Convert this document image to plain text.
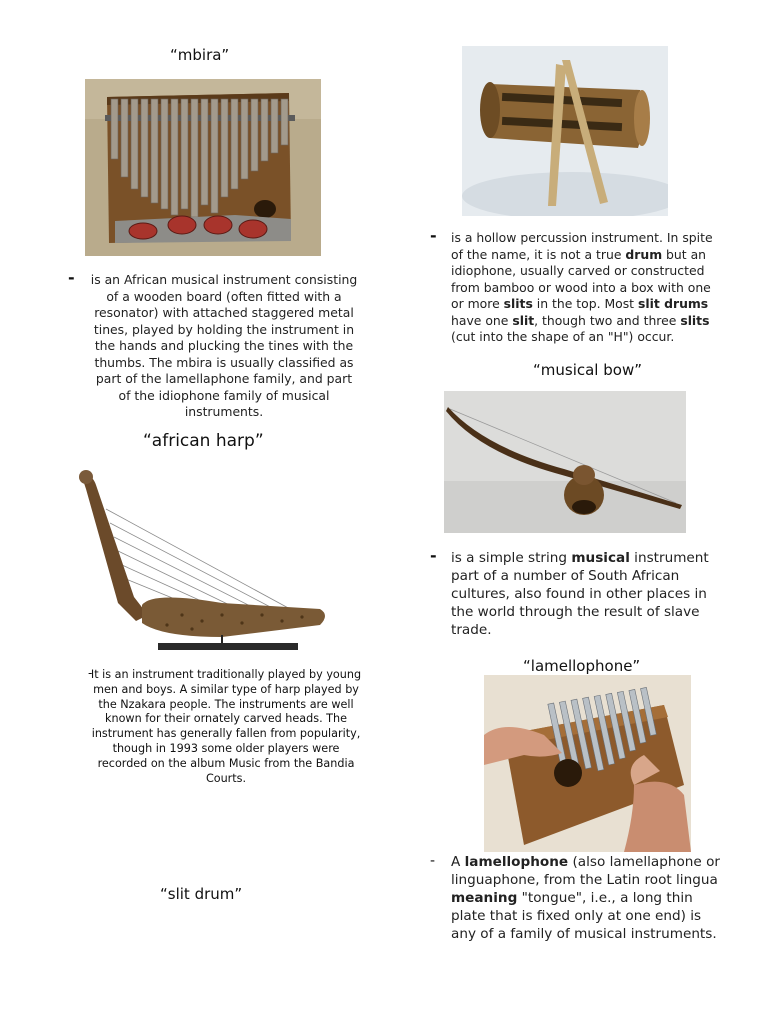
“mbira”
- is an African musical instrument consisting of a wooden board (often fitted with a resonator) with attached staggered metal tines, played by holding the instrument in the hands and plucking the tines with the thumbs. The mbira is usually classified as part of the lamellaphone family, and part of the idiophone family of musical instruments.
“african harp”
-
It is an instrument traditionally played by young men and boys. A similar type of harp played by the Nzakara people. The instruments are well known for their ornately carved heads. The instrument has generally fallen from popularity, though in 1993 some older players were recorded on the album Music from the Bandia Courts.
- is a hollow percussion instrument. In spite of the name, it is not a true drum but an idiophone, usually carved or constructed from bamboo or wood into a box with one or more slits in the top. Most slit drums have one slit, though two and three slits (cut into the shape of an "H") occur.
“slit drum”
“musical bow”
- is a simple string musical instrument part of a number of South African cultures, also found in other places in the world through the result of slave trade.
“lamellophone”
- A lamellophone (also lamellaphone or linguaphone, from the Latin root lingua meaning "tongue", i.e., a long thin plate that is fixed only at one end) is any of a family of musical instruments.
